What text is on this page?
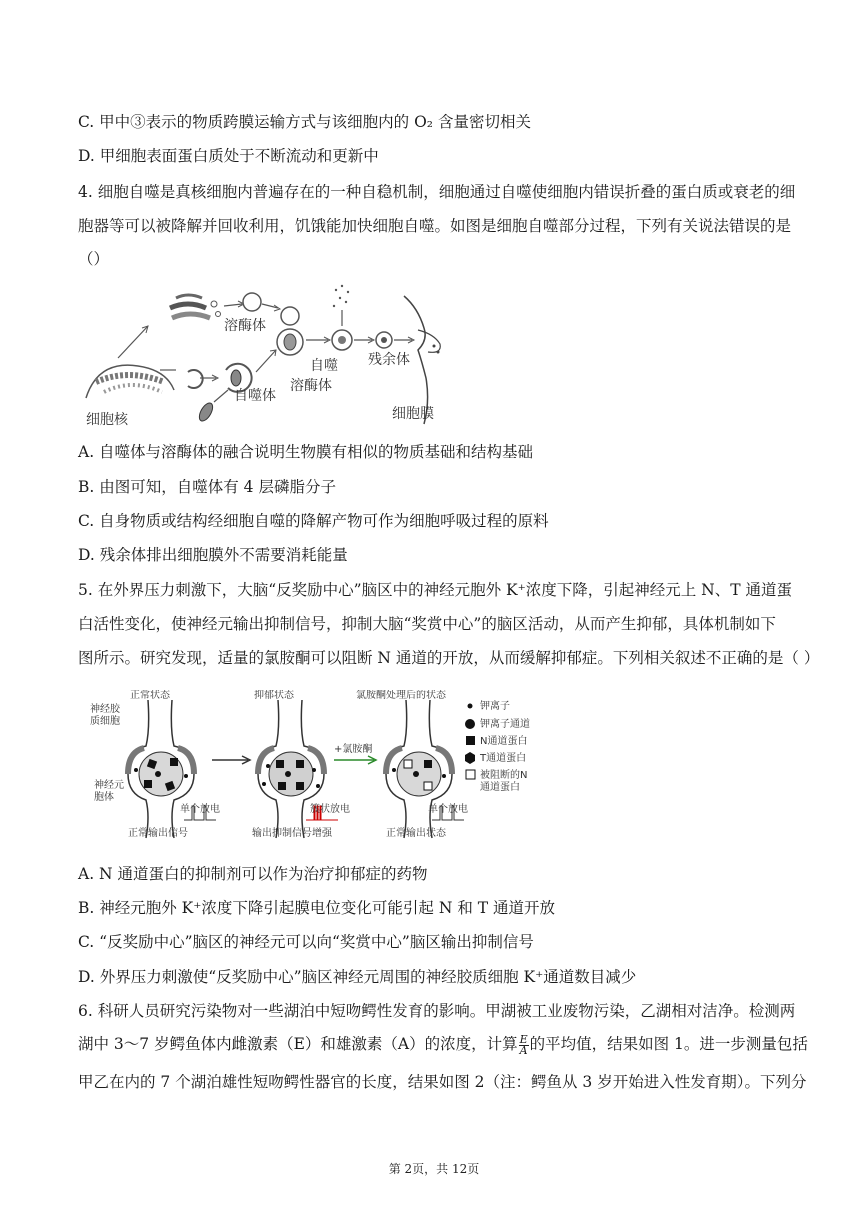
C. 甲中③表示的物质跨膜运输方式与该细胞内的 O₂ 含量密切相关
D. 甲细胞表面蛋白质处于不断流动和更新中
4. 细胞自噬是真核细胞内普遍存在的一种自稳机制，细胞通过自噬使细胞内错误折叠的蛋白质或衰老的细
胞器等可以被降解并回收利用，饥饿能加快细胞自噬。如图是细胞自噬部分过程，下列有关说法错误的是
（）
溶酶体
自噬
溶酶体
残余体
自噬体
细胞核	细胞膜
A. 自噬体与溶酶体的融合说明生物膜有相似的物质基础和结构基础
B. 由图可知，自噬体有 4 层磷脂分子
C. 自身物质或结构经细胞自噬的降解产物可作为细胞呼吸过程的原料
D. 残余体排出细胞膜外不需要消耗能量
5. 在外界压力刺激下，大脑“反奖励中心”脑区中的神经元胞外 K⁺浓度下降，引起神经元上 N、T 通道蛋
白活性变化，使神经元输出抑制信号，抑制大脑“奖赏中心”的脑区活动，从而产生抑郁，具体机制如下
图所示。研究发现，适量的氯胺酮可以阻断 N 通道的开放，从而缓解抑郁症。下列相关叙述不正确的是（ ）
正常状态	抑郁状态	氯胺酮处理后的状态
神经胶
质细胞
神经元
胞体
单个放电	簇状放电	单个放电
正常输出信号	输出抑制信号增强	正常输出状态
+氯胺酮
钾离子
钾离子通道
N通道蛋白
T通道蛋白
被阻断的N
通道蛋白
A. N 通道蛋白的抑制剂可以作为治疗抑郁症的药物
B. 神经元胞外 K⁺浓度下降引起膜电位变化可能引起 N 和 T 通道开放
C. “反奖励中心”脑区的神经元可以向“奖赏中心”脑区输出抑制信号
D. 外界压力刺激使“反奖励中心”脑区神经元周围的神经胶质细胞 K⁺通道数目减少
6. 科研人员研究污染物对一些湖泊中短吻鳄性发育的影响。甲湖被工业废物污染，乙湖相对洁净。检测两
湖中 3～7 岁鳄鱼体内雌激素（E）和雄激素（A）的浓度，计算 $\frac{E}{A}$ 的平均值，结果如图 1。进一步测量包括
甲乙在内的 7 个湖泊雄性短吻鳄性器官的长度，结果如图 2（注：鳄鱼从 3 岁开始进入性发育期）。下列分
第 2页，共 12页
